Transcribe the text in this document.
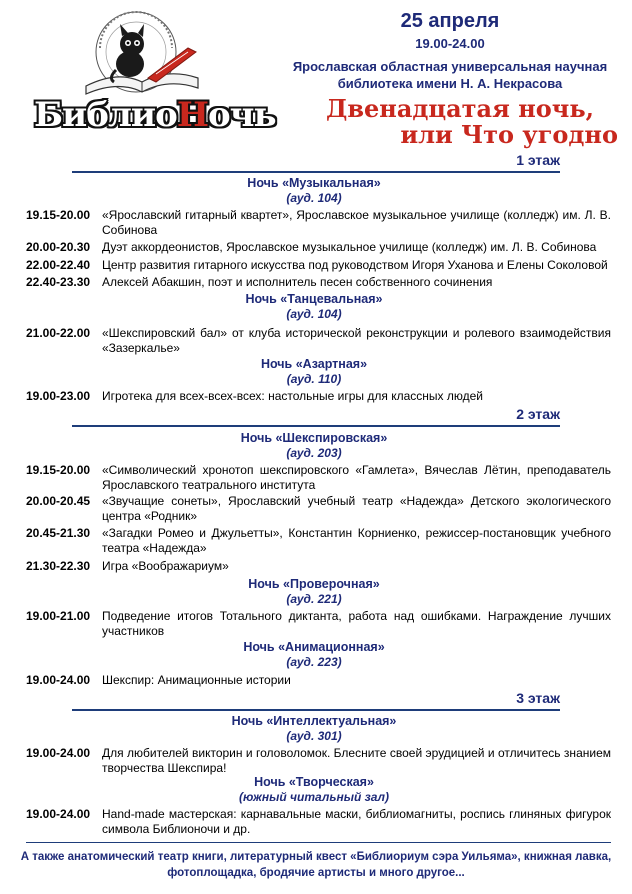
БиблиоНочь
25 апреля
19.00-24.00
Ярославская областная универсальная научная
библиотека имени Н. А. Некрасова
Двенадцатая ночь,
или Что угодно
1 этаж
Ночь «Музыкальная»
(ауд. 104)
19.15-20.00 «Ярославский гитарный квартет», Ярославское музыкальное училище (колледж) им. Л. В. Собинова
20.00-20.30 Дуэт аккордеонистов, Ярославское музыкальное училище (колледж) им. Л. В. Собинова
22.00-22.40 Центр развития гитарного искусства под руководством Игоря Уханова и Елены Соколовой
22.40-23.30 Алексей Абакшин, поэт и исполнитель песен собственного сочинения
Ночь «Танцевальная»
(ауд. 104)
21.00-22.00 «Шекспировский бал» от клуба исторической реконструкции и ролевого взаимодействия «Зазеркалье»
Ночь «Азартная»
(ауд. 110)
19.00-23.00 Игротека для всех-всех-всех: настольные игры для классных людей
2 этаж
Ночь «Шекспировская»
(ауд. 203)
19.15-20.00 «Символический хронотоп шекспировского «Гамлета», Вячеслав Лётин, преподаватель Ярославского театрального института
20.00-20.45 «Звучащие сонеты», Ярославский учебный театр «Надежда» Детского экологического центра «Родник»
20.45-21.30 «Загадки Ромео и Джульетты», Константин Корниенко, режиссер-постановщик учебного театра «Надежда»
21.30-22.30 Игра «Воображариум»
Ночь «Проверочная»
(ауд. 221)
19.00-21.00 Подведение итогов Тотального диктанта, работа над ошибками. Награждение лучших участников
Ночь «Анимационная»
(ауд. 223)
19.00-24.00 Шекспир: Анимационные истории
3 этаж
Ночь «Интеллектуальная»
(ауд. 301)
19.00-24.00 Для любителей викторин и головоломок. Блесните своей эрудицией и отличитесь знанием творчества Шекспира!
Ночь «Творческая»
(южный читальный зал)
19.00-24.00 Hand-made мастерская: карнавальные маски, библиомагниты, роспись глиняных фигурок символа Библионочи и др.
А также анатомический театр книги, литературный квест «Библиориум сэра Уильяма», книжная лавка,
фотоплощадка, бродячие артисты и много другое...
